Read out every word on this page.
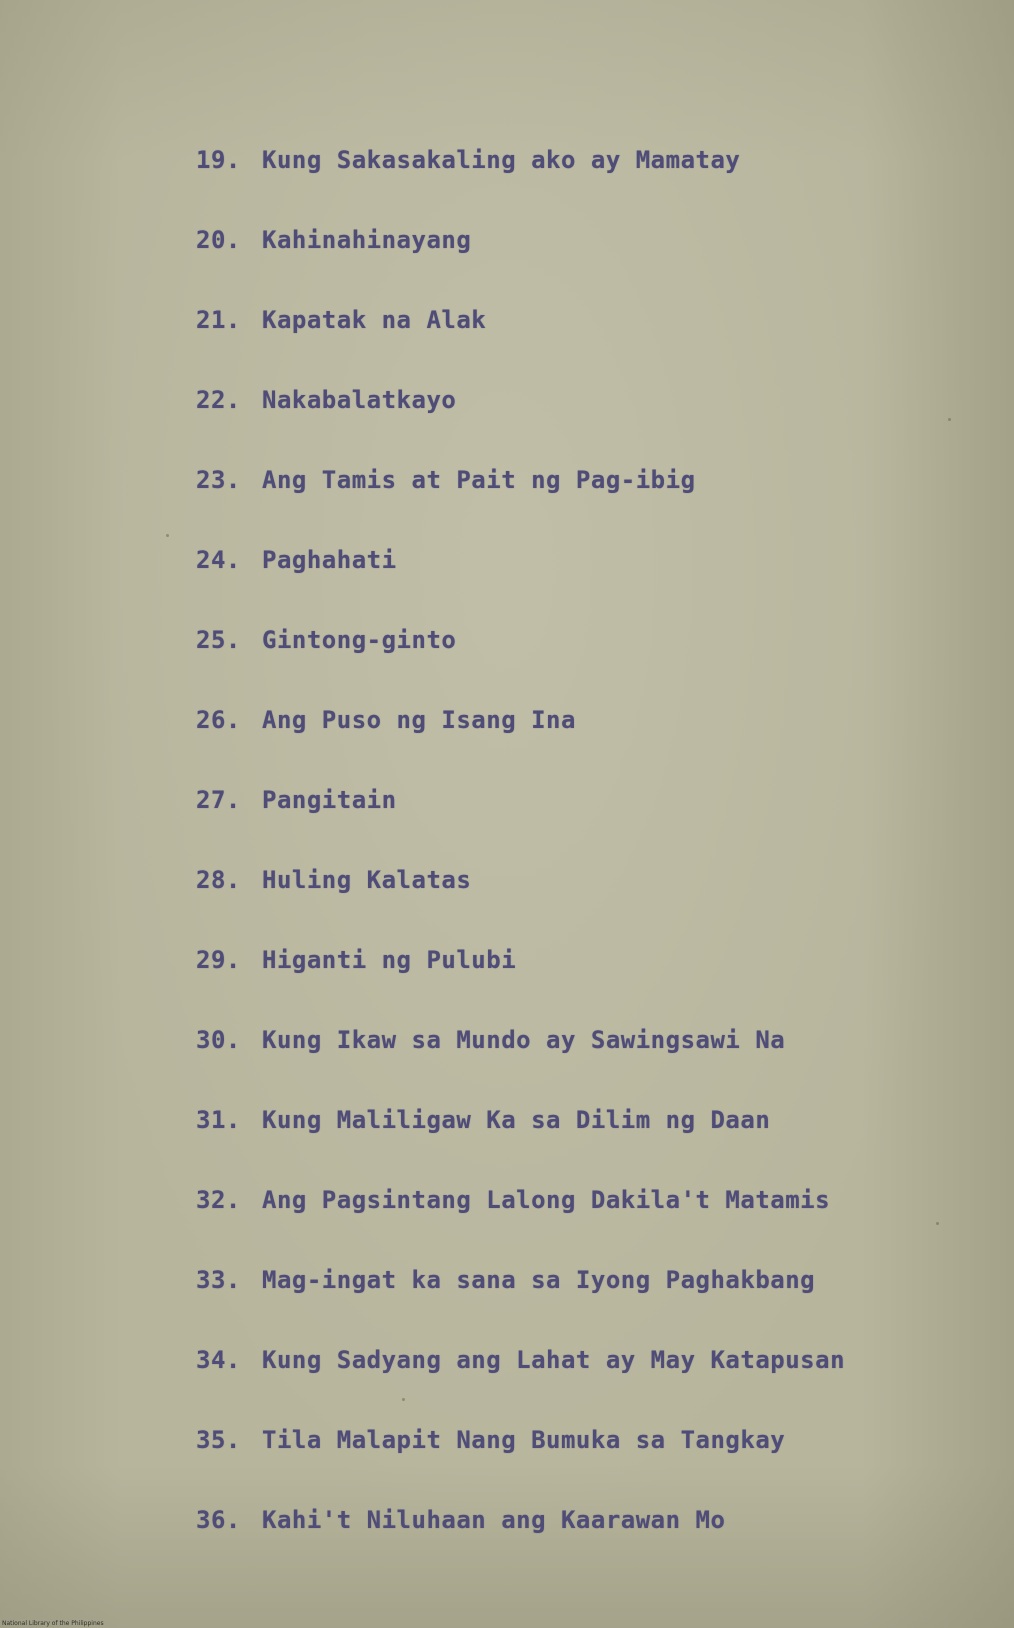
19. Kung Sakasakaling ako ay Mamatay
20. Kahinahinayang
21. Kapatak na Alak
22. Nakabalatkayo
23. Ang Tamis at Pait ng Pag-ibig
24. Paghahati
25. Gintong-ginto
26. Ang Puso ng Isang Ina
27. Pangitain
28. Huling Kalatas
29. Higanti ng Pulubi
30. Kung Ikaw sa Mundo ay Sawingsawi Na
31. Kung Maliligaw Ka sa Dilim ng Daan
32. Ang Pagsintang Lalong Dakila't Matamis
33. Mag-ingat ka sana sa Iyong Paghakbang
34. Kung Sadyang ang Lahat ay May Katapusan
35. Tila Malapit Nang Bumuka sa Tangkay
36. Kahi't Niluhaan ang Kaarawan Mo
National Library of the Philippines
